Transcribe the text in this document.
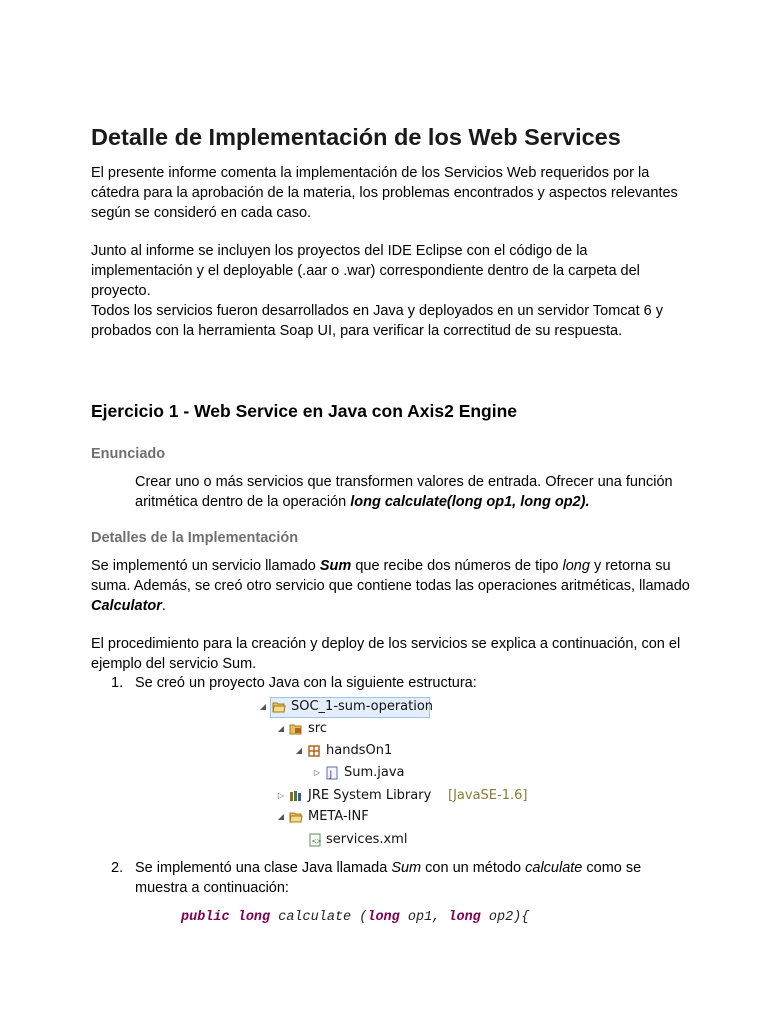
Detalle de Implementación de los Web Services
El presente informe comenta la implementación de los Servicios Web requeridos por la cátedra para la aprobación de la materia, los problemas encontrados y aspectos relevantes según se consideró en cada caso.
Junto al informe se incluyen los proyectos del IDE Eclipse con el código de la implementación y el deployable (.aar o .war) correspondiente dentro de la carpeta del proyecto.
Todos los servicios fueron desarrollados en Java y deployados en un servidor Tomcat 6 y probados con la herramienta Soap UI, para verificar la correctitud de su respuesta.
Ejercicio 1 - Web Service en Java con Axis2 Engine
Enunciado
Crear uno o más servicios que transformen valores de entrada. Ofrecer una función aritmética dentro de la operación long calculate(long op1, long op2).
Detalles de la Implementación
Se implementó un servicio llamado Sum que recibe dos números de tipo long y retorna su suma. Además, se creó otro servicio que contiene todas las operaciones aritméticas, llamado Calculator.
El procedimiento para la creación y deploy de los servicios se explica a continuación, con el ejemplo del servicio Sum.
1. Se creó un proyecto Java con la siguiente estructura:
◢ SOC_1-sum-operation
◢ src
◢ handsOn1
▷ J Sum.java
▷ JRE System Library [JavaSE-1.6]
◢ META-INF
<> services.xml
2. Se implementó una clase Java llamada Sum con un método calculate como se muestra a continuación:
public long calculate (long op1, long op2){
